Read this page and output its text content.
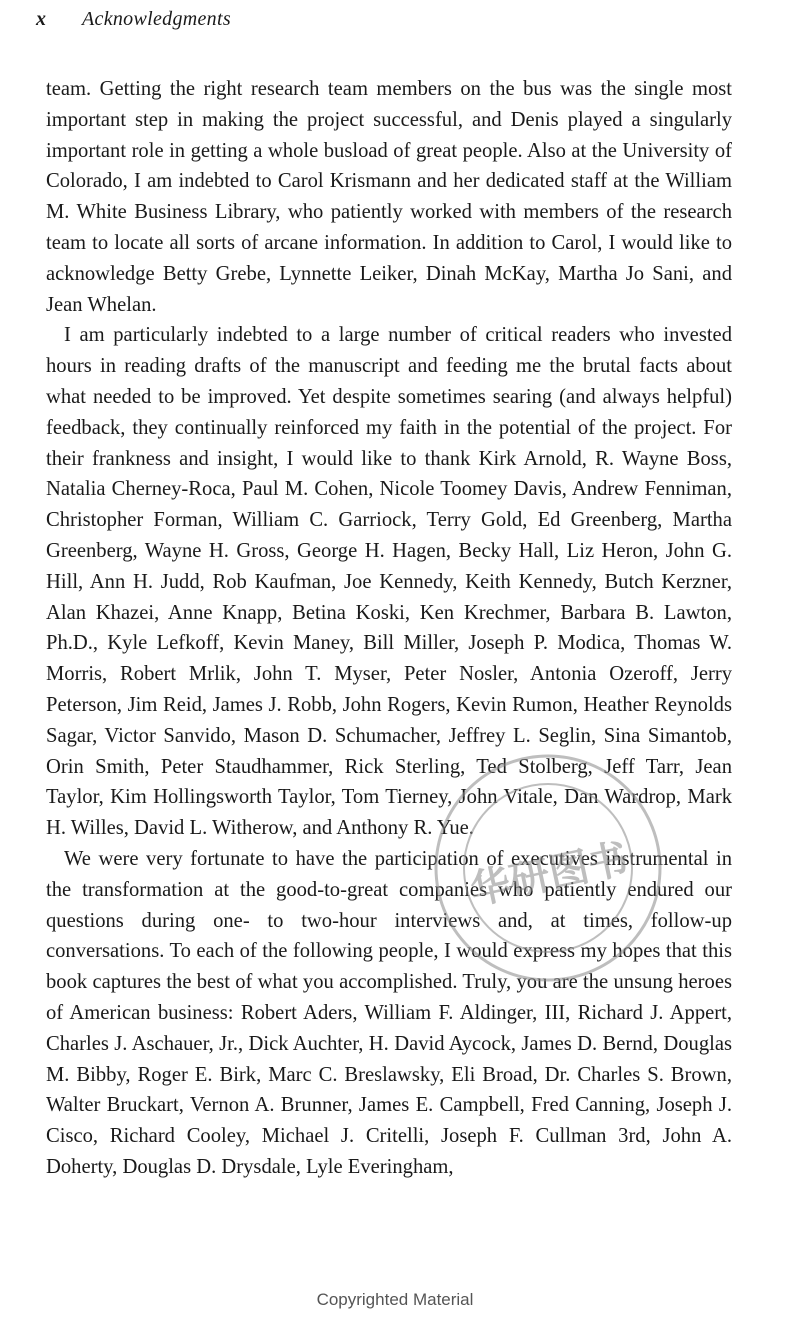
x Acknowledgments

team. Getting the right research team members on the bus was the single most important step in making the project successful, and Denis played a singularly important role in getting a whole busload of great people. Also at the University of Colorado, I am indebted to Carol Krismann and her dedicated staff at the William M. White Business Library, who patiently worked with members of the research team to locate all sorts of arcane information. In addition to Carol, I would like to acknowledge Betty Grebe, Lynnette Leiker, Dinah McKay, Martha Jo Sani, and Jean Whelan.

I am particularly indebted to a large number of critical readers who invested hours in reading drafts of the manuscript and feeding me the brutal facts about what needed to be improved. Yet despite sometimes searing (and always helpful) feedback, they continually reinforced my faith in the potential of the project. For their frankness and insight, I would like to thank Kirk Arnold, R. Wayne Boss, Natalia Cherney-Roca, Paul M. Cohen, Nicole Toomey Davis, Andrew Fenniman, Christopher Forman, William C. Garriock, Terry Gold, Ed Greenberg, Martha Greenberg, Wayne H. Gross, George H. Hagen, Becky Hall, Liz Heron, John G. Hill, Ann H. Judd, Rob Kaufman, Joe Kennedy, Keith Kennedy, Butch Kerzner, Alan Khazei, Anne Knapp, Betina Koski, Ken Krechmer, Barbara B. Lawton, Ph.D., Kyle Lefkoff, Kevin Maney, Bill Miller, Joseph P. Modica, Thomas W. Morris, Robert Mrlik, John T. Myser, Peter Nosler, Antonia Ozeroff, Jerry Peterson, Jim Reid, James J. Robb, John Rogers, Kevin Rumon, Heather Reynolds Sagar, Victor Sanvido, Mason D. Schumacher, Jeffrey L. Seglin, Sina Simantob, Orin Smith, Peter Staudhammer, Rick Sterling, Ted Stolberg, Jeff Tarr, Jean Taylor, Kim Hollingsworth Taylor, Tom Tierney, John Vitale, Dan Wardrop, Mark H. Willes, David L. Witherow, and Anthony R. Yue.

We were very fortunate to have the participation of executives instrumental in the transformation at the good-to-great companies who patiently endured our questions during one- to two-hour interviews and, at times, follow-up conversations. To each of the following people, I would express my hopes that this book captures the best of what you accomplished. Truly, you are the unsung heroes of American business: Robert Aders, William F. Aldinger, III, Richard J. Appert, Charles J. Aschauer, Jr., Dick Auchter, H. David Aycock, James D. Bernd, Douglas M. Bibby, Roger E. Birk, Marc C. Breslawsky, Eli Broad, Dr. Charles S. Brown, Walter Bruckart, Vernon A. Brunner, James E. Campbell, Fred Canning, Joseph J. Cisco, Richard Cooley, Michael J. Critelli, Joseph F. Cullman 3rd, John A. Doherty, Douglas D. Drysdale, Lyle Everingham,

华研图书
Copyrighted Material
